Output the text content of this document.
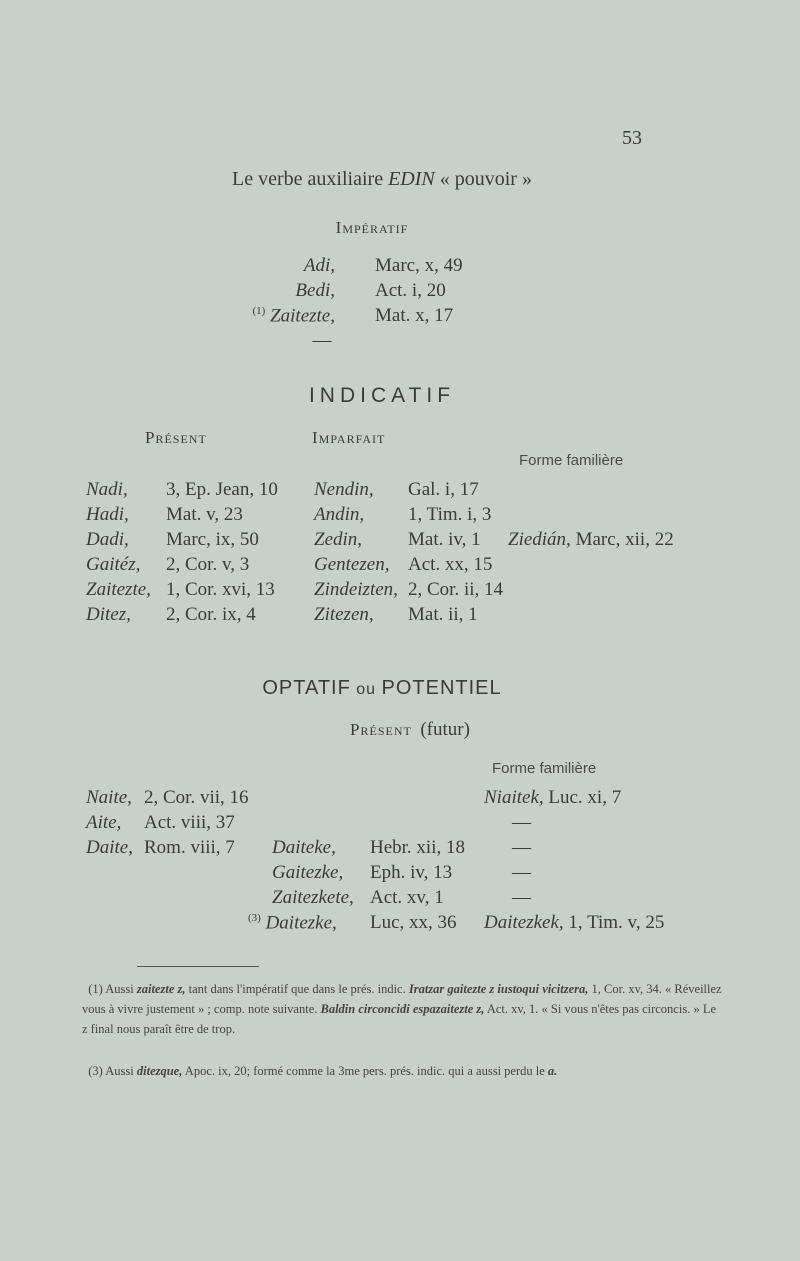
53
Le verbe auxiliaire EDIN « pouvoir »
Impératif
Adi, Marc, x, 49
Bedi, Act. i, 20
$^{(1)}$ Zaitezte, Mat. x, 17
—
INDICATIF
Présent	Imparfait
Forme familière
Nadi, 3, Ep. Jean, 10
Hadi, Mat. v, 23
Dadi, Marc, ix, 50
Gaitéz, 2, Cor. v, 3
Zaitezte, 1, Cor. xvi, 13
Ditez, 2, Cor. ix, 4
Nendin, Gal. i, 17
Andin, 1, Tim. i, 3
Zedin, Mat. iv, 1
Gentezen, Act. xx, 15
Zindeizten, 2, Cor. ii, 14
Zitezen, Mat. ii, 1
Ziedián, Marc, xii, 22
OPTATIF ou POTENTIEL
Présent (futur)
Forme familière
Naite, 2, Cor. vii, 16
Aite, Act. viii, 37
Daite, Rom. viii, 7 Daiteke, Hebr. xii, 18
Gaitezke, Eph. iv, 13
Zaitezkete, Act. xv, 1
$^{(3)}$ Daitezke, Luc, xx, 36
Niaitek, Luc. xi, 7
—
—
—
—
Daitezkek, 1, Tim. v, 25
(1) Aussi zaitezte z, tant dans l'impératif que dans le prés. indic. Iratzar gaitezte z iustoqui vicitzera, 1, Cor. xv, 34. « Réveillez vous à vivre justement » ; comp. note suivante. Baldin circoncidi espazaitezte z, Act. xv, 1. « Si vous n'êtes pas circoncis. » Le z final nous paraît être de trop.
(3) Aussi ditezque, Apoc. ix, 20; formé comme la 3me pers. prés. indic. qui a aussi perdu le a.
